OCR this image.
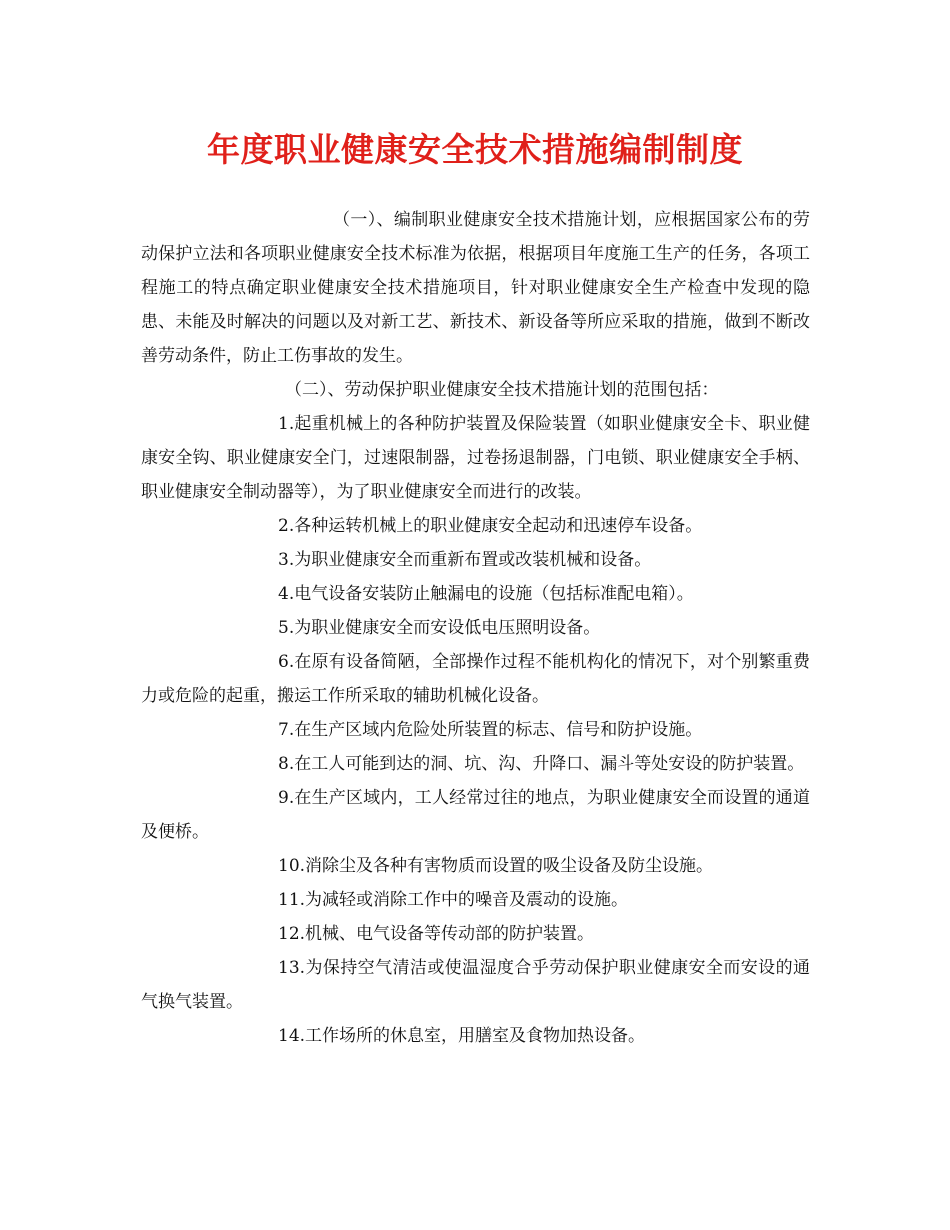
年度职业健康安全技术措施编制制度

（一）、编制职业健康安全技术措施计划，应根据国家公布的劳动保护立法和各项职业健康安全技术标准为依据，根据项目年度施工生产的任务，各项工程施工的特点确定职业健康安全技术措施项目，针对职业健康安全生产检查中发现的隐患、未能及时解决的问题以及对新工艺、新技术、新设备等所应采取的措施，做到不断改善劳动条件，防止工伤事故的发生。

（二）、劳动保护职业健康安全技术措施计划的范围包括：

1.起重机械上的各种防护装置及保险装置（如职业健康安全卡、职业健康安全钩、职业健康安全门，过速限制器，过卷扬退制器，门电锁、职业健康安全手柄、职业健康安全制动器等），为了职业健康安全而进行的改装。

2.各种运转机械上的职业健康安全起动和迅速停车设备。

3.为职业健康安全而重新布置或改装机械和设备。

4.电气设备安装防止触漏电的设施（包括标准配电箱）。

5.为职业健康安全而安设低电压照明设备。

6.在原有设备简陋，全部操作过程不能机构化的情况下，对个别繁重费力或危险的起重，搬运工作所采取的辅助机械化设备。

7.在生产区域内危险处所装置的标志、信号和防护设施。

8.在工人可能到达的洞、坑、沟、升降口、漏斗等处安设的防护装置。

9.在生产区域内，工人经常过往的地点，为职业健康安全而设置的通道及便桥。

10.消除尘及各种有害物质而设置的吸尘设备及防尘设施。

11.为减轻或消除工作中的噪音及震动的设施。

12.机械、电气设备等传动部的防护装置。

13.为保持空气清洁或使温湿度合乎劳动保护职业健康安全而安设的通气换气装置。

14.工作场所的休息室，用膳室及食物加热设备。
